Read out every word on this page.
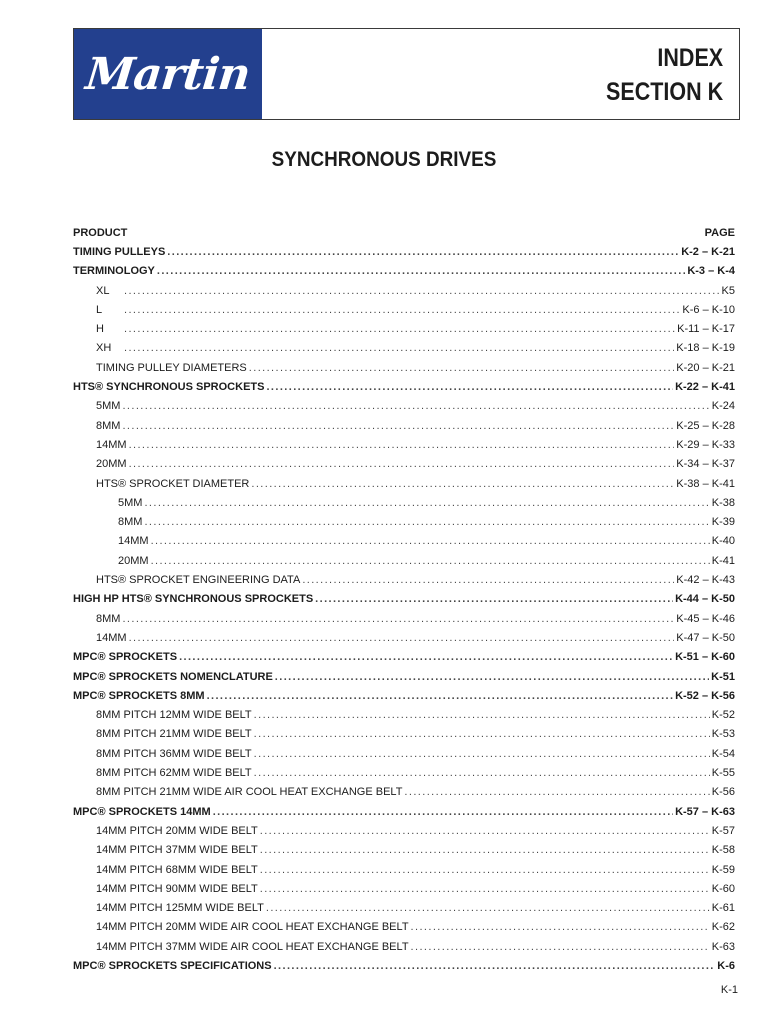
Martin	INDEX
SECTION K
SYNCHRONOUS DRIVES
PRODUCT	PAGE
TIMING PULLEYS .....	K-2 – K-21
TERMINOLOGY .....	K-3 – K-4
XL .....	K5
L .....	K-6 – K-10
H .....	K-11 – K-17
XH .....	K-18 – K-19
TIMING PULLEY DIAMETERS .....	K-20 – K-21
HTS® SYNCHRONOUS SPROCKETS .....	K-22 – K-41
5MM .....	K-24
8MM .....	K-25 – K-28
14MM .....	K-29 – K-33
20MM .....	K-34 – K-37
HTS® SPROCKET DIAMETER .....	K-38 – K-41
5MM .....	K-38
8MM .....	K-39
14MM .....	K-40
20MM .....	K-41
HTS® SPROCKET ENGINEERING DATA .....	K-42 – K-43
HIGH HP HTS® SYNCHRONOUS SPROCKETS .....	K-44 – K-50
8MM .....	K-45 – K-46
14MM .....	K-47 – K-50
MPC® SPROCKETS .....	K-51 – K-60
MPC® SPROCKETS NOMENCLATURE .....	K-51
MPC® SPROCKETS 8MM .....	K-52 – K-56
8MM PITCH 12MM WIDE BELT .....	K-52
8MM PITCH 21MM WIDE BELT .....	K-53
8MM PITCH 36MM WIDE BELT .....	K-54
8MM PITCH 62MM WIDE BELT .....	K-55
8MM PITCH 21MM WIDE AIR COOL HEAT EXCHANGE BELT .....	K-56
MPC® SPROCKETS 14MM .....	K-57 – K-63
14MM PITCH 20MM WIDE BELT .....	K-57
14MM PITCH 37MM WIDE BELT .....	K-58
14MM PITCH 68MM WIDE BELT .....	K-59
14MM PITCH 90MM WIDE BELT .....	K-60
14MM PITCH 125MM WIDE BELT .....	K-61
14MM PITCH 20MM WIDE AIR COOL HEAT EXCHANGE BELT .....	K-62
14MM PITCH 37MM WIDE AIR COOL HEAT EXCHANGE BELT .....	K-63
MPC® SPROCKETS SPECIFICATIONS .....	K-6
K-1
